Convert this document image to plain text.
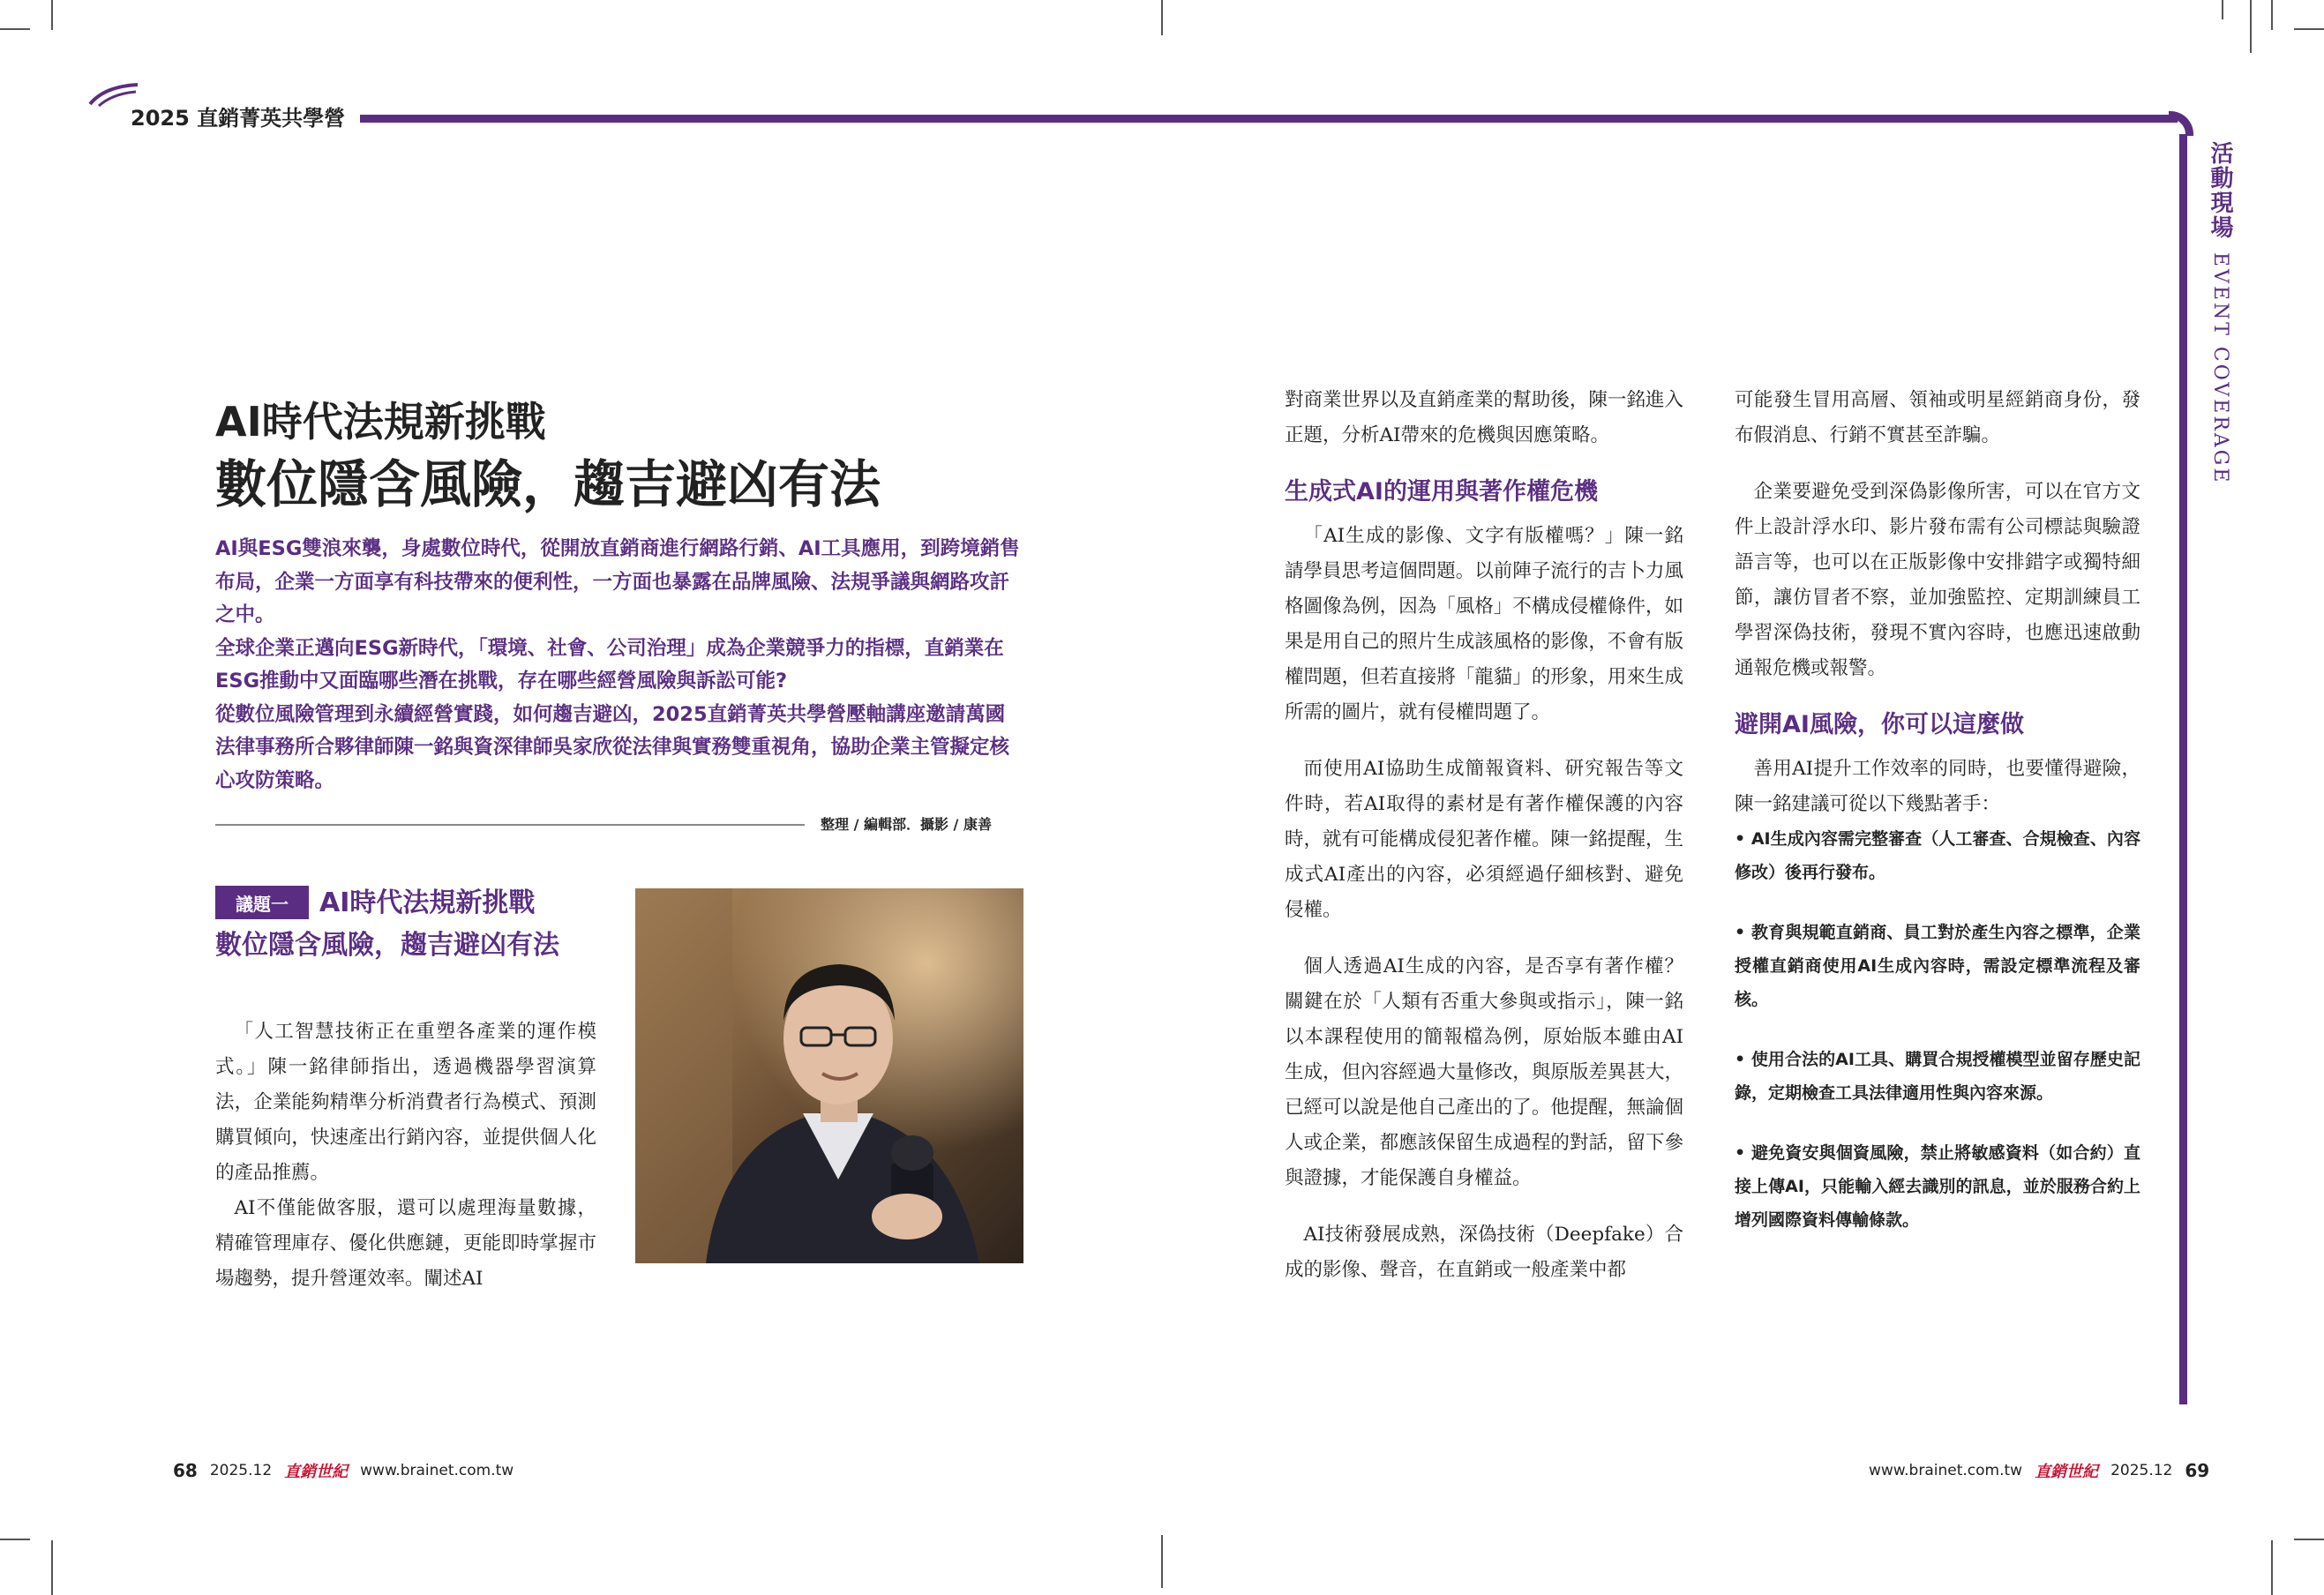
2025 直銷菁英共學營
活動現場
EVENT COVERAGE
AI時代法規新挑戰
數位隱含風險，趨吉避凶有法

AI與ESG雙浪來襲，身處數位時代，從開放直銷商進行網路行銷、AI工具應用，到跨境銷售布局，企業一方面享有科技帶來的便利性，一方面也暴露在品牌風險、法規爭議與網路攻訐之中。

全球企業正邁向ESG新時代，「環境、社會、公司治理」成為企業競爭力的指標，直銷業在ESG推動中又面臨哪些潛在挑戰，存在哪些經營風險與訴訟可能?

從數位風險管理到永續經營實踐，如何趨吉避凶，2025直銷菁英共學營壓軸講座邀請萬國法律事務所合夥律師陳一銘與資深律師吳家欣從法律與實務雙重視角，協助企業主管擬定核心攻防策略。

整理 / 編輯部．攝影 / 康善
議題一	AI時代法規新挑戰
數位隱含風險，趨吉避凶有法

「人工智慧技術正在重塑各產業的運作模式。」陳一銘律師指出，透過機器學習演算法，企業能夠精準分析消費者行為模式、預測購買傾向，快速產出行銷內容，並提供個人化的產品推薦。

AI不僅能做客服，還可以處理海量數據，精確管理庫存、優化供應鏈，更能即時掌握市場趨勢，提升營運效率。闡述AI

對商業世界以及直銷產業的幫助後，陳一銘進入正題，分析AI帶來的危機與因應策略。

生成式AI的運用與著作權危機

「AI生成的影像、文字有版權嗎？」陳一銘請學員思考這個問題。以前陣子流行的吉卜力風格圖像為例，因為「風格」不構成侵權條件，如果是用自己的照片生成該風格的影像，不會有版權問題，但若直接將「龍貓」的形象，用來生成所需的圖片，就有侵權問題了。

而使用AI協助生成簡報資料、研究報告等文件時，若AI取得的素材是有著作權保護的內容時，就有可能構成侵犯著作權。陳一銘提醒，生成式AI產出的內容，必須經過仔細核對、避免侵權。

個人透過AI生成的內容，是否享有著作權？關鍵在於「人類有否重大參與或指示」，陳一銘以本課程使用的簡報檔為例，原始版本雖由AI生成，但內容經過大量修改，與原版差異甚大，已經可以說是他自己產出的了。他提醒，無論個人或企業，都應該保留生成過程的對話，留下參與證據，才能保護自身權益。

AI技術發展成熟，深偽技術（Deepfake）合成的影像、聲音，在直銷或一般產業中都

可能發生冒用高層、領袖或明星經銷商身份，發布假消息、行銷不實甚至詐騙。

企業要避免受到深偽影像所害，可以在官方文件上設計浮水印、影片發布需有公司標誌與驗證語言等，也可以在正版影像中安排錯字或獨特細節，讓仿冒者不察，並加強監控、定期訓練員工學習深偽技術，發現不實內容時，也應迅速啟動通報危機或報警。

避開AI風險，你可以這麼做

善用AI提升工作效率的同時，也要懂得避險，陳一銘建議可從以下幾點著手：

• AI生成內容需完整審查（人工審查、合規檢查、內容修改）後再行發布。

• 教育與規範直銷商、員工對於產生內容之標準，企業授權直銷商使用AI生成內容時，需設定標準流程及審核。

• 使用合法的AI工具、購買合規授權模型並留存歷史記錄，定期檢查工具法律適用性與內容來源。

• 避免資安與個資風險，禁止將敏感資料（如合約）直接上傳AI，只能輸入經去識別的訊息，並於服務合約上增列國際資料傳輸條款。

68 2025.12 直銷世紀 www.brainet.com.tw	www.brainet.com.tw 直銷世紀 2025.12 69
